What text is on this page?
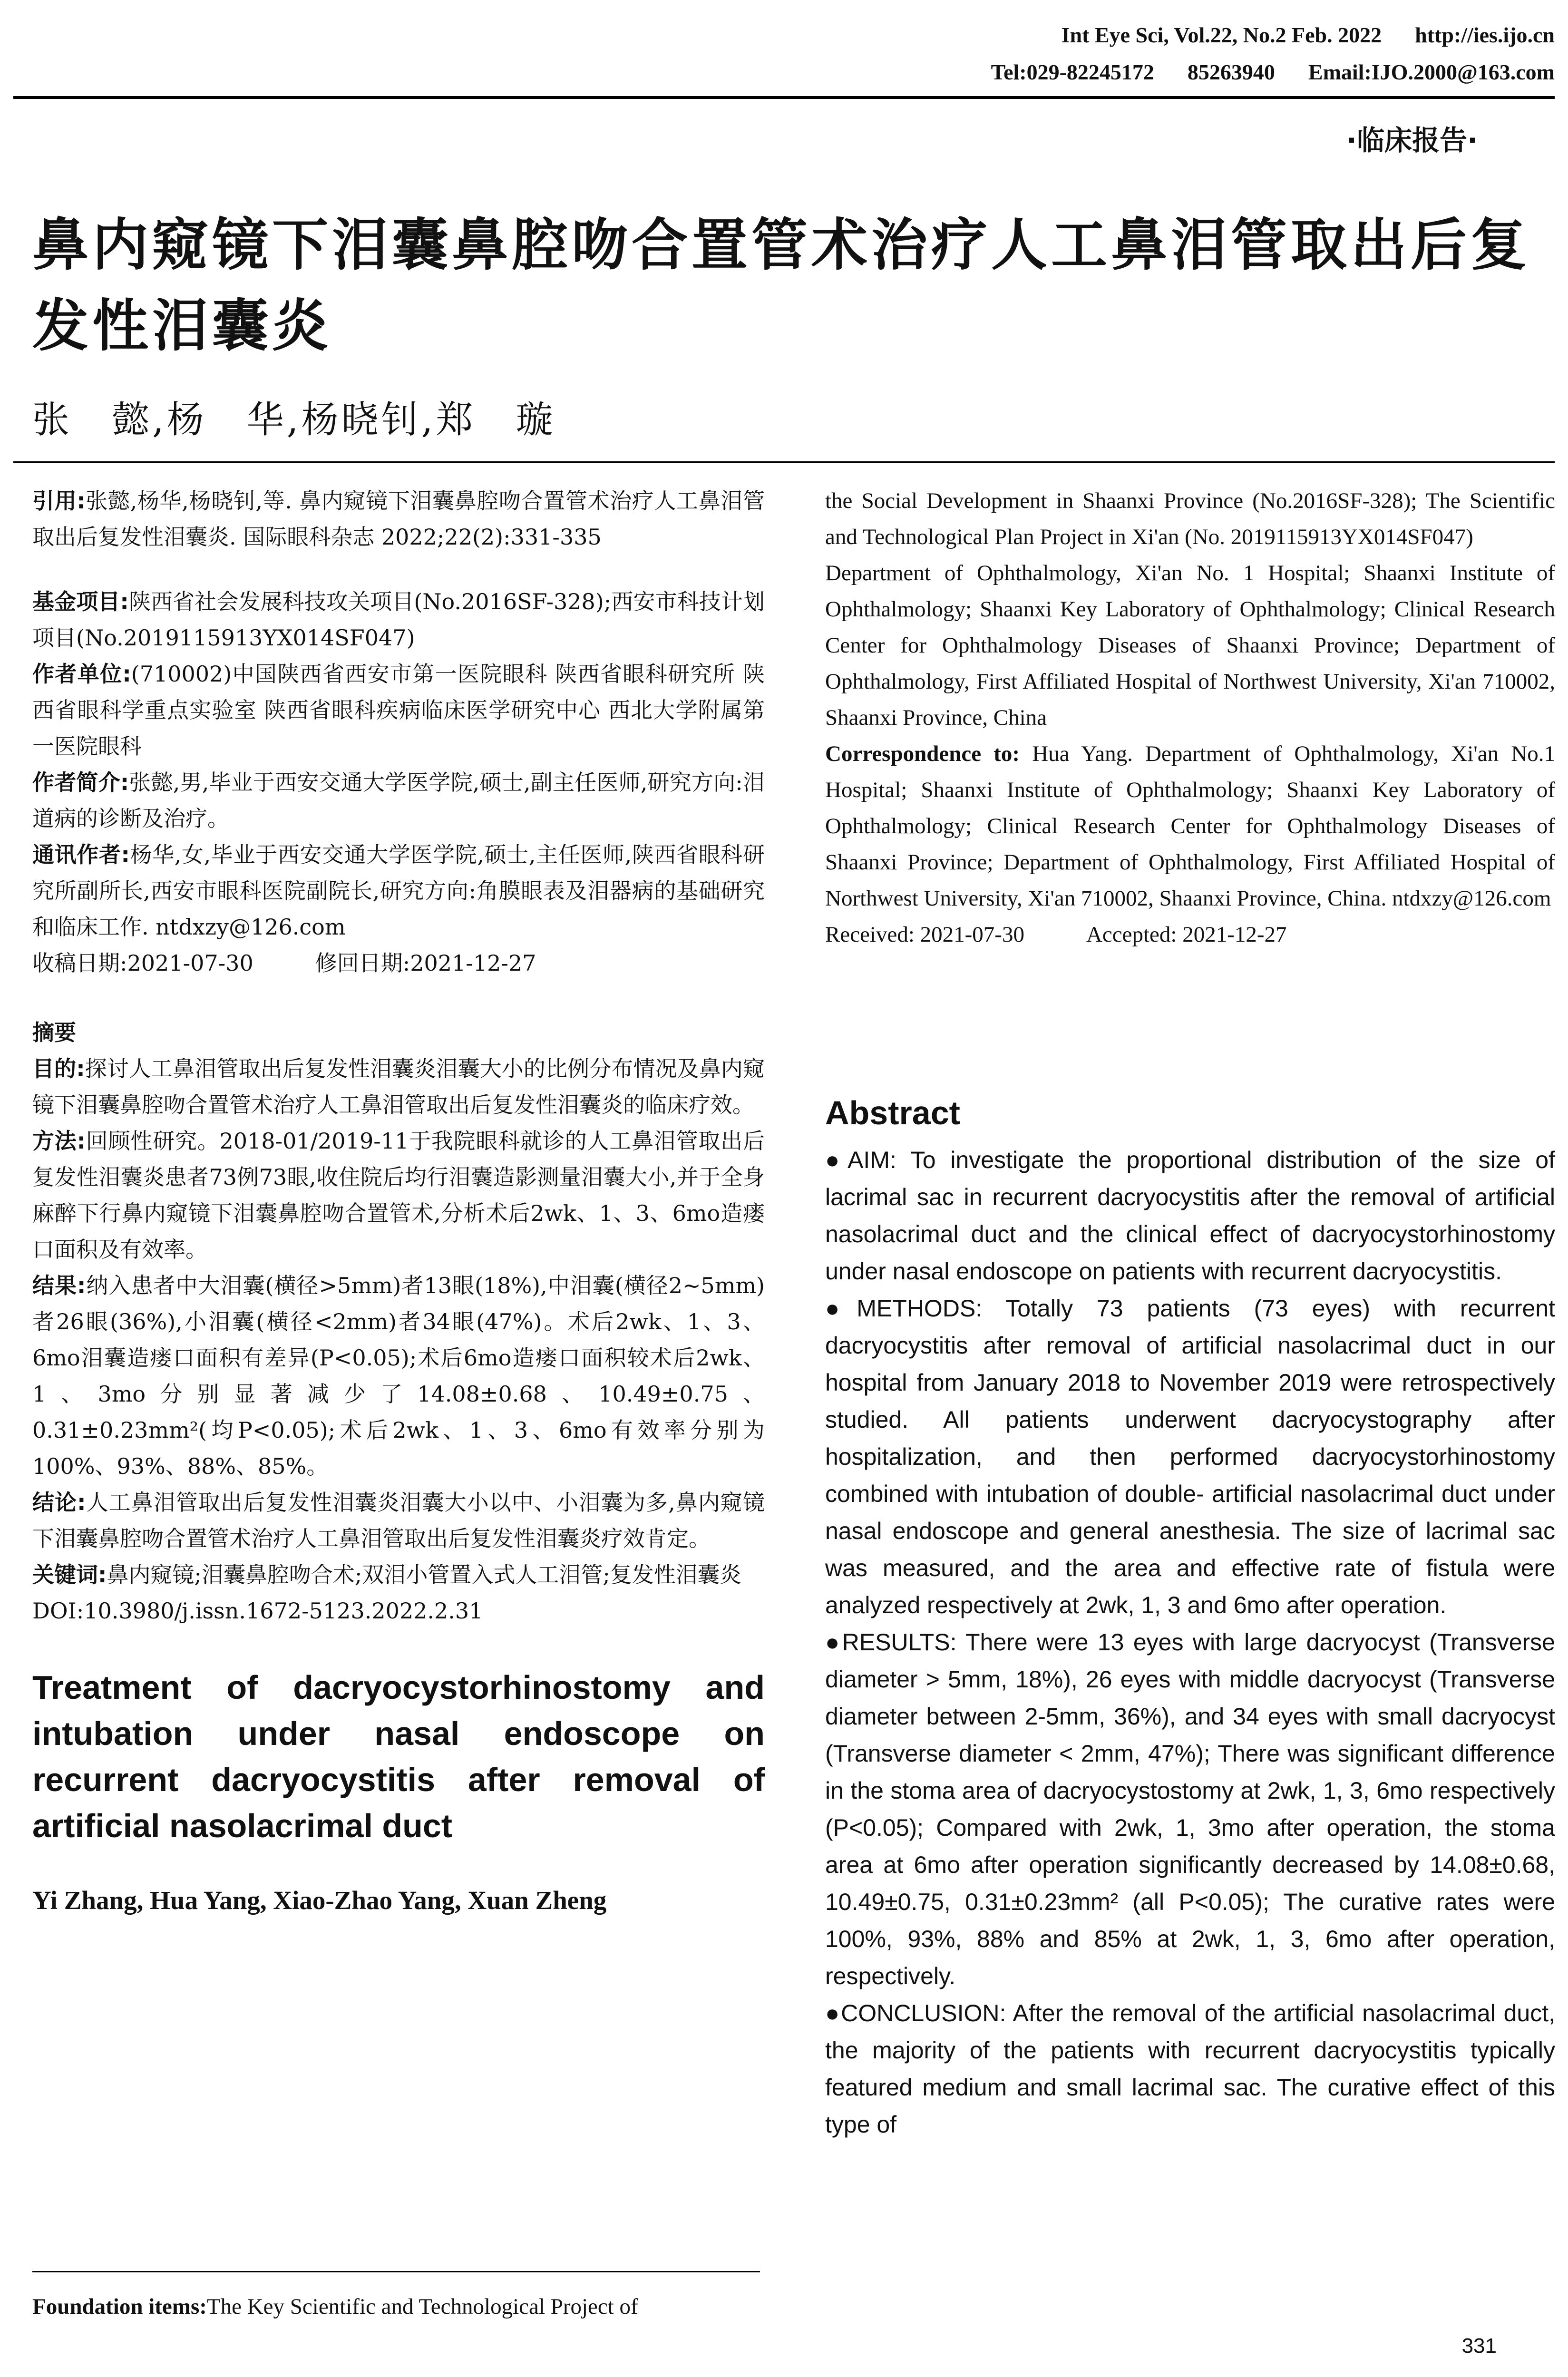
Int Eye Sci, Vol.22, No.2 Feb. 2022 http://ies.ijo.cn
Tel:029-82245172 85263940 Email:IJO.2000@163.com
·临床报告·
鼻内窥镜下泪囊鼻腔吻合置管术治疗人工鼻泪管取出后复发性泪囊炎
张　懿,杨　华,杨晓钊,郑　璇

引用:张懿,杨华,杨晓钊,等. 鼻内窥镜下泪囊鼻腔吻合置管术治疗人工鼻泪管取出后复发性泪囊炎. 国际眼科杂志 2022;22(2):331-335

基金项目:陕西省社会发展科技攻关项目(No.2016SF-328);西安市科技计划项目(No.2019115913YX014SF047)

作者单位:(710002)中国陕西省西安市第一医院眼科 陕西省眼科研究所 陕西省眼科学重点实验室 陕西省眼科疾病临床医学研究中心 西北大学附属第一医院眼科

作者简介:张懿,男,毕业于西安交通大学医学院,硕士,副主任医师,研究方向:泪道病的诊断及治疗。

通讯作者:杨华,女,毕业于西安交通大学医学院,硕士,主任医师,陕西省眼科研究所副所长,西安市眼科医院副院长,研究方向:角膜眼表及泪器病的基础研究和临床工作. ntdxzy@126.com

收稿日期:2021-07-30	修回日期:2021-12-27

摘要

目的:探讨人工鼻泪管取出后复发性泪囊炎泪囊大小的比例分布情况及鼻内窥镜下泪囊鼻腔吻合置管术治疗人工鼻泪管取出后复发性泪囊炎的临床疗效。

方法:回顾性研究。2018-01/2019-11于我院眼科就诊的人工鼻泪管取出后复发性泪囊炎患者73例73眼,收住院后均行泪囊造影测量泪囊大小,并于全身麻醉下行鼻内窥镜下泪囊鼻腔吻合置管术,分析术后2wk、1、3、6mo造瘘口面积及有效率。

结果:纳入患者中大泪囊(横径>5mm)者13眼(18%),中泪囊(横径2~5mm)者26眼(36%),小泪囊(横径<2mm)者34眼(47%)。术后2wk、1、3、6mo泪囊造瘘口面积有差异(P<0.05);术后6mo造瘘口面积较术后2wk、1、3mo分别显著减少了14.08±0.68、10.49±0.75、0.31±0.23mm²(均P<0.05);术后2wk、1、3、6mo有效率分别为100%、93%、88%、85%。

结论:人工鼻泪管取出后复发性泪囊炎泪囊大小以中、小泪囊为多,鼻内窥镜下泪囊鼻腔吻合置管术治疗人工鼻泪管取出后复发性泪囊炎疗效肯定。

关键词:鼻内窥镜;泪囊鼻腔吻合术;双泪小管置入式人工泪管;复发性泪囊炎

DOI:10.3980/j.issn.1672-5123.2022.2.31

Treatment of dacryocystorhinostomy and intubation under nasal endoscope on recurrent dacryocystitis after removal of artificial nasolacrimal duct

Yi Zhang, Hua Yang, Xiao-Zhao Yang, Xuan Zheng

Foundation items:The Key Scientific and Technological Project of

the Social Development in Shaanxi Province (No.2016SF-328); The Scientific and Technological Plan Project in Xi'an (No. 2019115913YX014SF047)

Department of Ophthalmology, Xi'an No. 1 Hospital; Shaanxi Institute of Ophthalmology; Shaanxi Key Laboratory of Ophthalmology; Clinical Research Center for Ophthalmology Diseases of Shaanxi Province; Department of Ophthalmology, First Affiliated Hospital of Northwest University, Xi'an 710002, Shaanxi Province, China

Correspondence to: Hua Yang. Department of Ophthalmology, Xi'an No.1 Hospital; Shaanxi Institute of Ophthalmology; Shaanxi Key Laboratory of Ophthalmology; Clinical Research Center for Ophthalmology Diseases of Shaanxi Province; Department of Ophthalmology, First Affiliated Hospital of Northwest University, Xi'an 710002, Shaanxi Province, China. ntdxzy@126.com

Received: 2021-07-30	Accepted: 2021-12-27

Abstract

●AIM: To investigate the proportional distribution of the size of lacrimal sac in recurrent dacryocystitis after the removal of artificial nasolacrimal duct and the clinical effect of dacryocystorhinostomy under nasal endoscope on patients with recurrent dacryocystitis.

●METHODS: Totally 73 patients (73 eyes) with recurrent dacryocystitis after removal of artificial nasolacrimal duct in our hospital from January 2018 to November 2019 were retrospectively studied. All patients underwent dacryocystography after hospitalization, and then performed dacryocystorhinostomy combined with intubation of double- artificial nasolacrimal duct under nasal endoscope and general anesthesia. The size of lacrimal sac was measured, and the area and effective rate of fistula were analyzed respectively at 2wk, 1, 3 and 6mo after operation.

●RESULTS: There were 13 eyes with large dacryocyst (Transverse diameter > 5mm, 18%), 26 eyes with middle dacryocyst (Transverse diameter between 2-5mm, 36%), and 34 eyes with small dacryocyst (Transverse diameter < 2mm, 47%); There was significant difference in the stoma area of dacryocystostomy at 2wk, 1, 3, 6mo respectively (P<0.05); Compared with 2wk, 1, 3mo after operation, the stoma area at 6mo after operation significantly decreased by 14.08±0.68, 10.49±0.75, 0.31±0.23mm² (all P<0.05); The curative rates were 100%, 93%, 88% and 85% at 2wk, 1, 3, 6mo after operation, respectively.

●CONCLUSION: After the removal of the artificial nasolacrimal duct, the majority of the patients with recurrent dacryocystitis typically featured medium and small lacrimal sac. The curative effect of this type of

331
